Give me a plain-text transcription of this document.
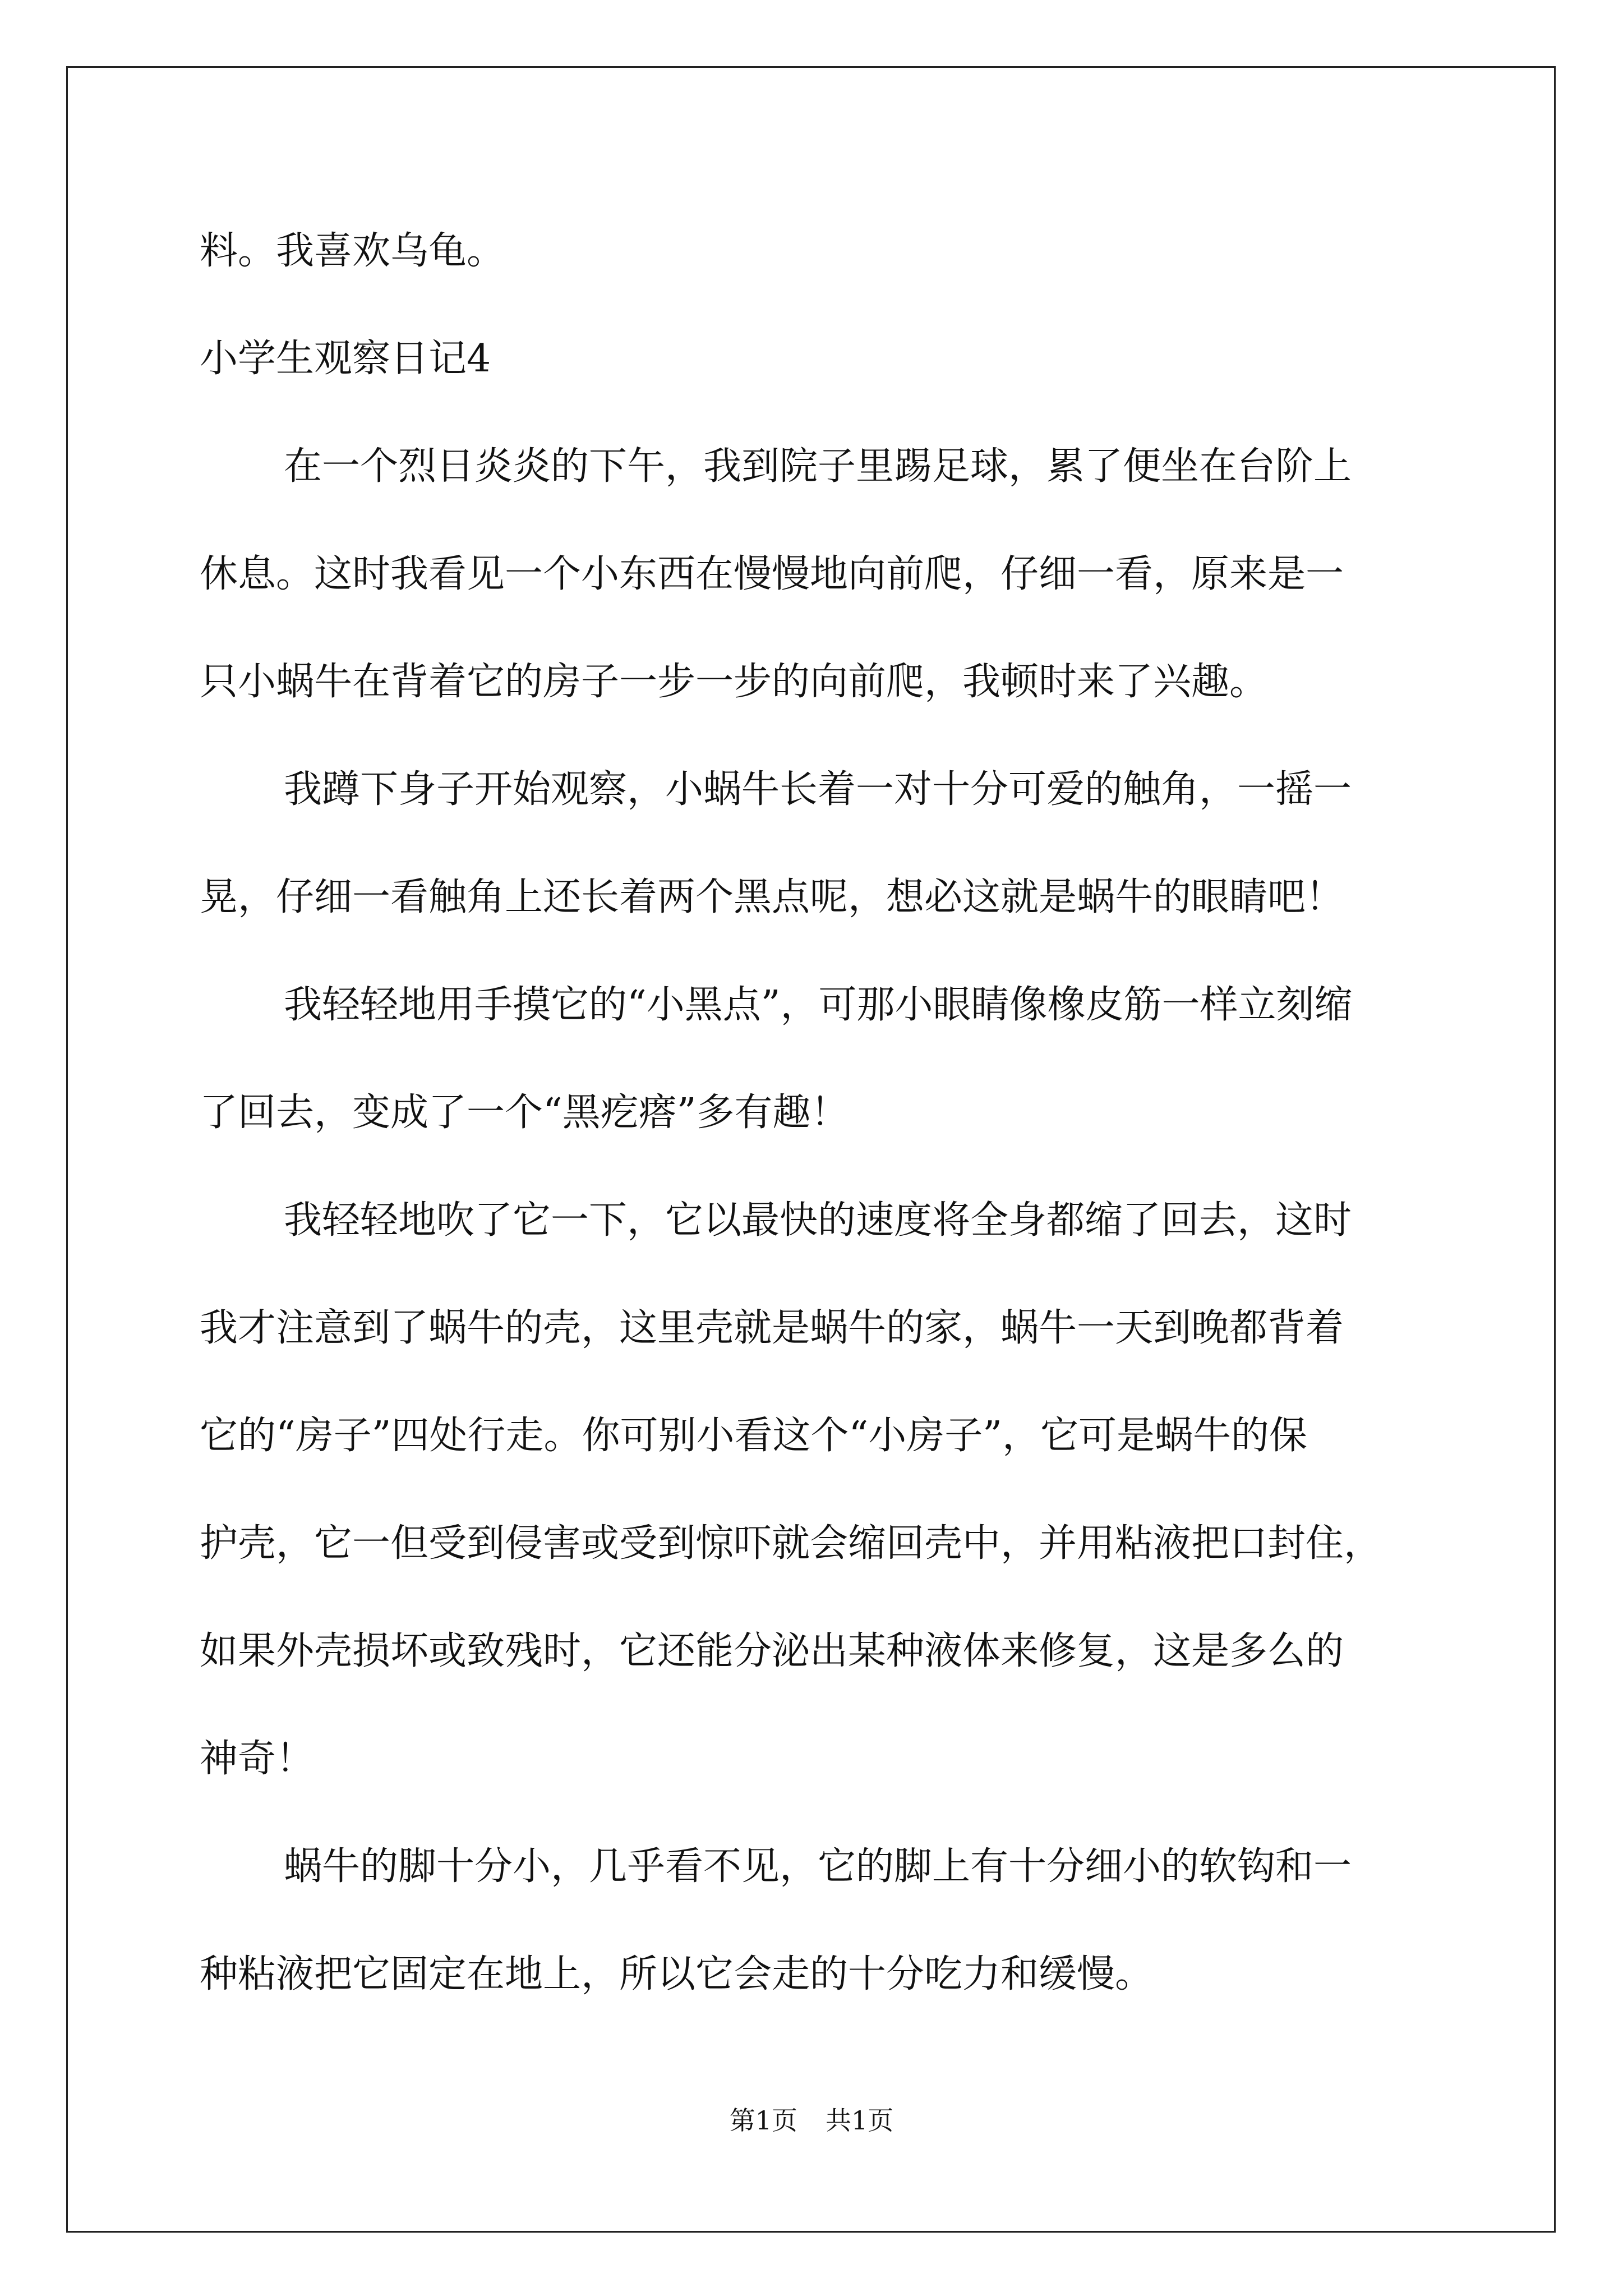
料。我喜欢乌龟。

小学生观察日记4

在一个烈日炎炎的下午，我到院子里踢足球，累了便坐在台阶上

休息。这时我看见一个小东西在慢慢地向前爬，仔细一看，原来是一

只小蜗牛在背着它的房子一步一步的向前爬，我顿时来了兴趣。

我蹲下身子开始观察，小蜗牛长着一对十分可爱的触角，一摇一

晃，仔细一看触角上还长着两个黑点呢，想必这就是蜗牛的眼睛吧！

我轻轻地用手摸它的“小黑点”，可那小眼睛像橡皮筋一样立刻缩

了回去，变成了一个“黑疙瘩”多有趣！

我轻轻地吹了它一下，它以最快的速度将全身都缩了回去，这时

我才注意到了蜗牛的壳，这里壳就是蜗牛的家，蜗牛一天到晚都背着

它的“房子”四处行走。你可别小看这个“小房子”，它可是蜗牛的保

护壳，它一但受到侵害或受到惊吓就会缩回壳中，并用粘液把口封住，

如果外壳损坏或致残时，它还能分泌出某种液体来修复，这是多么的

神奇！

蜗牛的脚十分小，几乎看不见，它的脚上有十分细小的软钩和一

种粘液把它固定在地上，所以它会走的十分吃力和缓慢。

第1页 共1页
